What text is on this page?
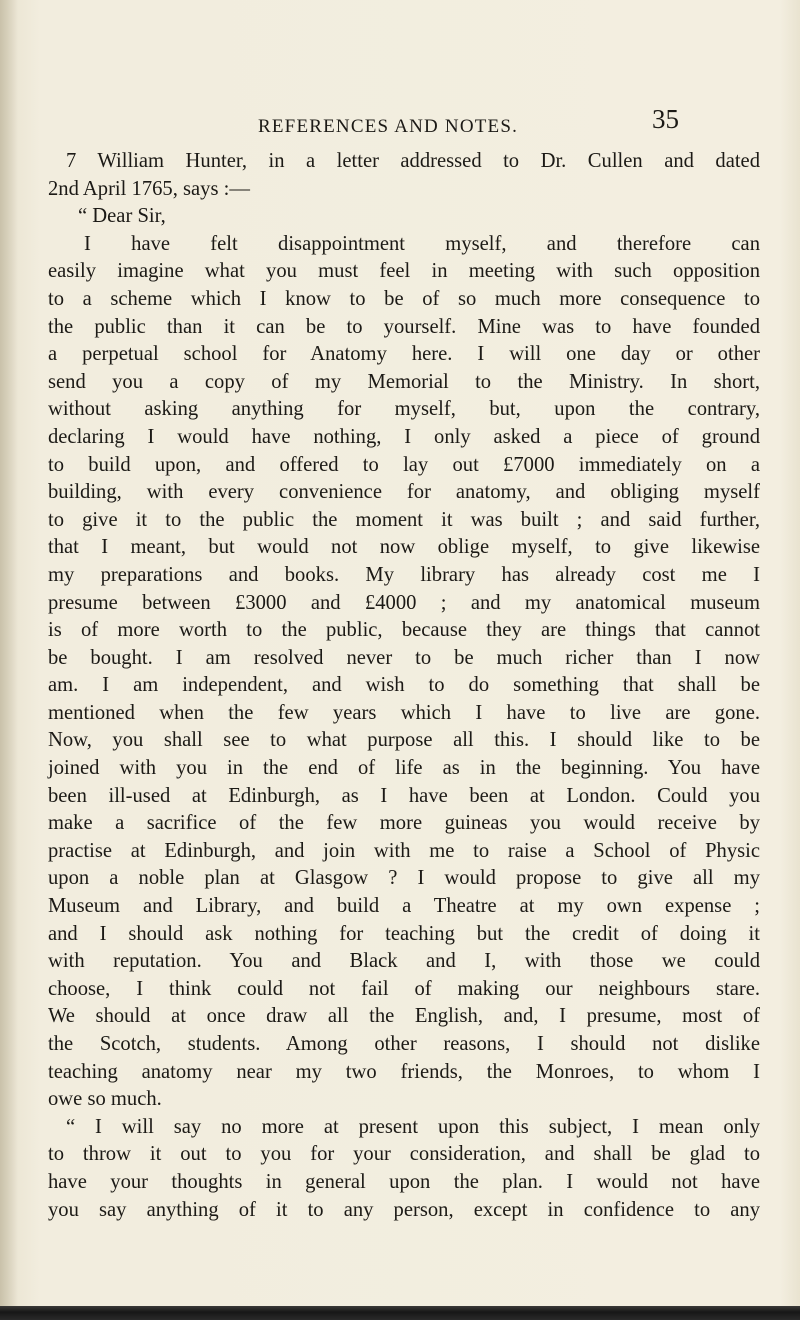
REFERENCES AND NOTES.	35
7 William Hunter, in a letter addressed to Dr. Cullen and dated
2nd April 1765, says :—
“ Dear Sir,
I have felt disappointment myself, and therefore can
easily imagine what you must feel in meeting with such opposition
to a scheme which I know to be of so much more consequence to
the public than it can be to yourself. Mine was to have founded
a perpetual school for Anatomy here. I will one day or other
send you a copy of my Memorial to the Ministry. In short,
without asking anything for myself, but, upon the contrary,
declaring I would have nothing, I only asked a piece of ground
to build upon, and offered to lay out £7000 immediately on a
building, with every convenience for anatomy, and obliging myself
to give it to the public the moment it was built ; and said further,
that I meant, but would not now oblige myself, to give likewise
my preparations and books. My library has already cost me I
presume between £3000 and £4000 ; and my anatomical museum
is of more worth to the public, because they are things that cannot
be bought. I am resolved never to be much richer than I now
am. I am independent, and wish to do something that shall be
mentioned when the few years which I have to live are gone.
Now, you shall see to what purpose all this. I should like to be
joined with you in the end of life as in the beginning. You have
been ill-used at Edinburgh, as I have been at London. Could you
make a sacrifice of the few more guineas you would receive by
practise at Edinburgh, and join with me to raise a School of Physic
upon a noble plan at Glasgow ? I would propose to give all my
Museum and Library, and build a Theatre at my own expense ;
and I should ask nothing for teaching but the credit of doing it
with reputation. You and Black and I, with those we could
choose, I think could not fail of making our neighbours stare.
We should at once draw all the English, and, I presume, most of
the Scotch, students. Among other reasons, I should not dislike
teaching anatomy near my two friends, the Monroes, to whom I
owe so much.
“ I will say no more at present upon this subject, I mean only
to throw it out to you for your consideration, and shall be glad to
have your thoughts in general upon the plan. I would not have
you say anything of it to any person, except in confidence to any
